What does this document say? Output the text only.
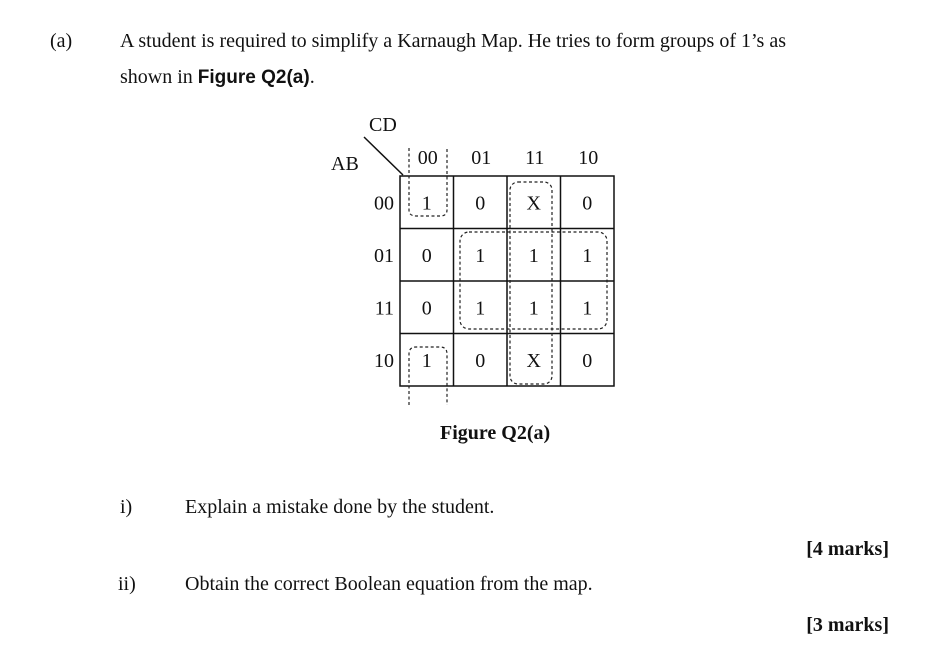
(a) A student is required to simplify a Karnaugh Map. He tries to form groups of 1’s as
shown in Figure Q2(a).
CD
AB	00 01 11 10
00
01
11
10
1 0 X 0
0 1 1 1
0 1 1 1
1 0 X 0
Figure Q2(a)
i)	Explain a mistake done by the student.
[4 marks]
ii) Obtain the correct Boolean equation from the map.
[3 marks]
